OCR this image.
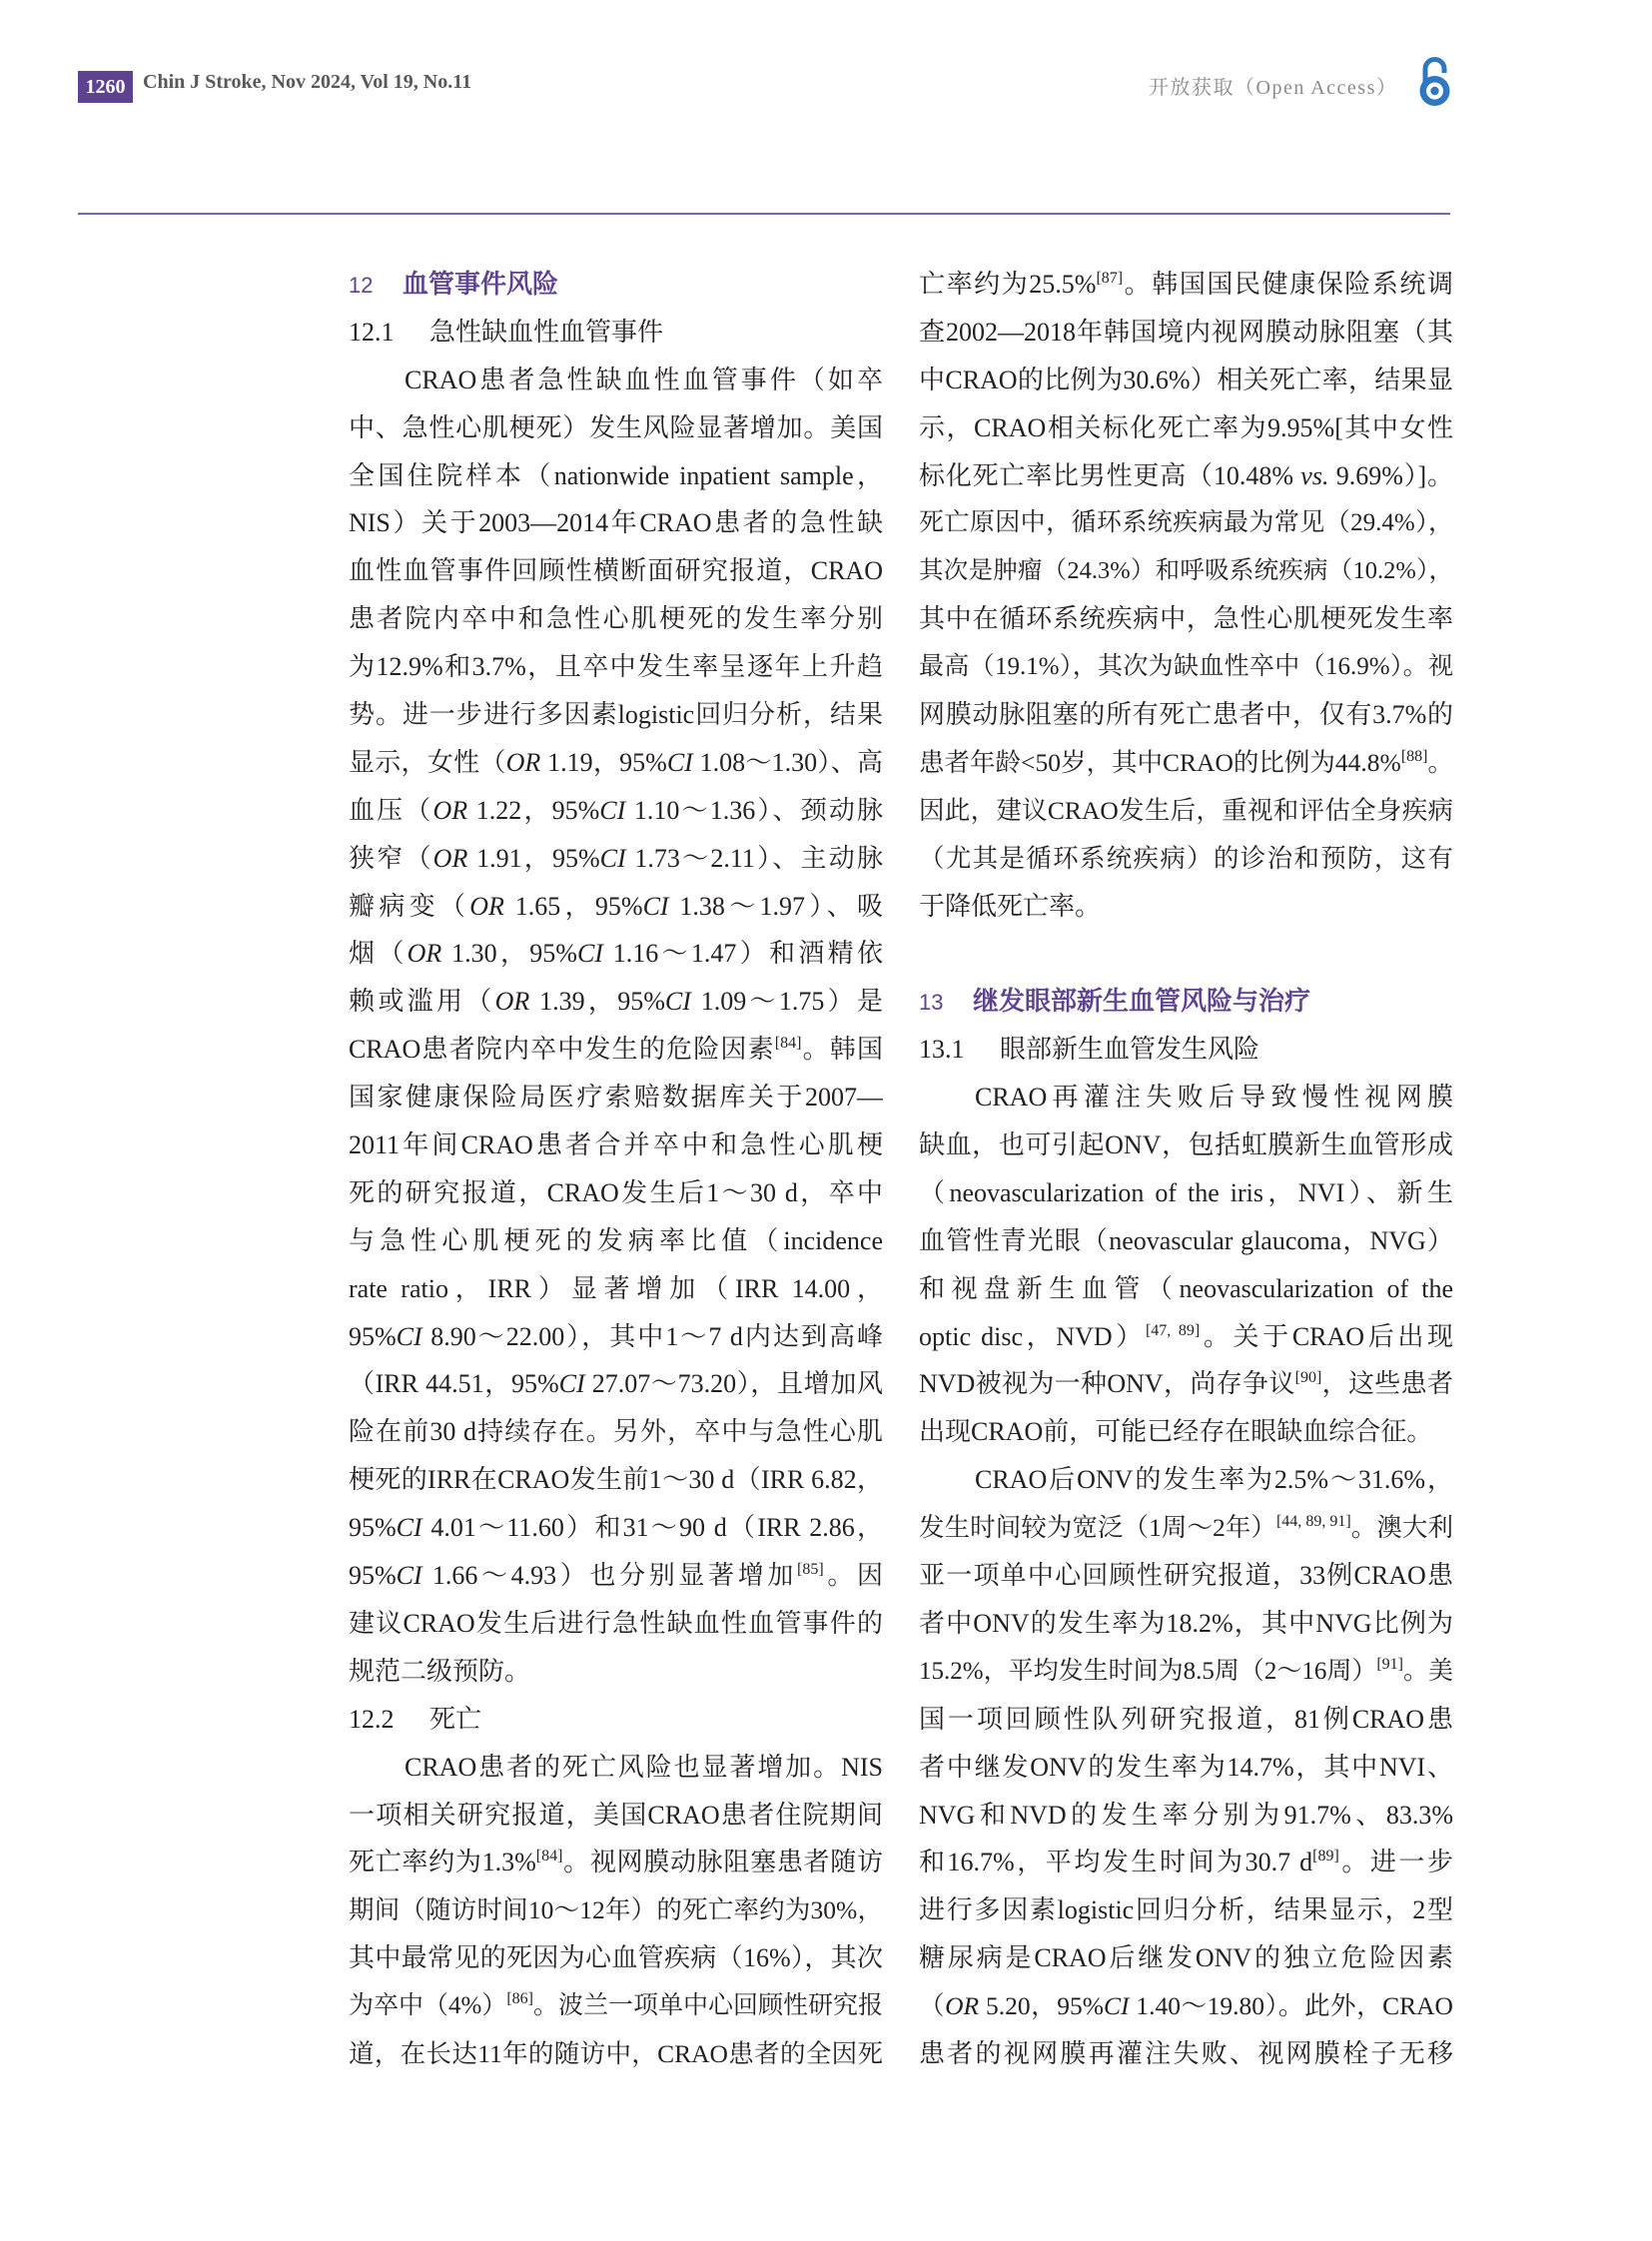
1260 Chin J Stroke, Nov 2024, Vol 19, No.11	开放获取（Open Access）
12 血管事件风险
12.1 急性缺血性血管事件
CRAO患者急性缺血性血管事件（如卒
中、急性心肌梗死）发生风险显著增加。美国
全国住院样本（nationwide inpatient sample，
NIS）关于2003—2014年CRAO患者的急性缺
血性血管事件回顾性横断面研究报道，CRAO
患者院内卒中和急性心肌梗死的发生率分别
为12.9%和3.7%，且卒中发生率呈逐年上升趋
势。进一步进行多因素logistic回归分析，结果
显示，女性（OR 1.19，95%CI 1.08～1.30）、高
血压（OR 1.22，95%CI 1.10～1.36）、颈动脉
狭窄（OR 1.91，95%CI 1.73～2.11）、主动脉
瓣病变（OR 1.65，95%CI 1.38～1.97）、吸
烟（OR 1.30，95%CI 1.16～1.47）和酒精依
赖或滥用（OR 1.39，95%CI 1.09～1.75）是
CRAO患者院内卒中发生的危险因素[84]。韩国
国家健康保险局医疗索赔数据库关于2007—
2011年间CRAO患者合并卒中和急性心肌梗
死的研究报道，CRAO发生后1～30 d，卒中
与急性心肌梗死的发病率比值（incidence
rate ratio，IRR）显著增加（IRR 14.00，
95%CI 8.90～22.00），其中1～7 d内达到高峰
（IRR 44.51，95%CI 27.07～73.20），且增加风
险在前30 d持续存在。另外，卒中与急性心肌
梗死的IRR在CRAO发生前1～30 d（IRR 6.82，
95%CI 4.01～11.60）和31～90 d（IRR 2.86，
95%CI 1.66～4.93）也分别显著增加[85]。因
建议CRAO发生后进行急性缺血性血管事件的
规范二级预防。
12.2 死亡
CRAO患者的死亡风险也显著增加。NIS
一项相关研究报道，美国CRAO患者住院期间
死亡率约为1.3%[84]。视网膜动脉阻塞患者随访
期间（随访时间10～12年）的死亡率约为30%，
其中最常见的死因为心血管疾病（16%），其次
为卒中（4%）[86]。波兰一项单中心回顾性研究报
道，在长达11年的随访中，CRAO患者的全因死
亡率约为25.5%[87]。韩国国民健康保险系统调
查2002—2018年韩国境内视网膜动脉阻塞（其
中CRAO的比例为30.6%）相关死亡率，结果显
示，CRAO相关标化死亡率为9.95%[其中女性
标化死亡率比男性更高（10.48% vs. 9.69%）]。
死亡原因中，循环系统疾病最为常见（29.4%），
其次是肿瘤（24.3%）和呼吸系统疾病（10.2%），
其中在循环系统疾病中，急性心肌梗死发生率
最高（19.1%），其次为缺血性卒中（16.9%）。视
网膜动脉阻塞的所有死亡患者中，仅有3.7%的
患者年龄<50岁，其中CRAO的比例为44.8%[88]。
因此，建议CRAO发生后，重视和评估全身疾病
（尤其是循环系统疾病）的诊治和预防，这有
于降低死亡率。
13 继发眼部新生血管风险与治疗
13.1 眼部新生血管发生风险
CRAO再灌注失败后导致慢性视网膜
缺血，也可引起ONV，包括虹膜新生血管形成
（neovascularization of the iris，NVI）、新生
血管性青光眼（neovascular glaucoma，NVG）
和视盘新生血管（neovascularization of the
optic disc，NVD）[47, 89]。关于CRAO后出现
NVD被视为一种ONV，尚存争议[90]，这些患者
出现CRAO前，可能已经存在眼缺血综合征。
CRAO后ONV的发生率为2.5%～31.6%，
发生时间较为宽泛（1周～2年）[44, 89, 91]。澳大利
亚一项单中心回顾性研究报道，33例CRAO患
者中ONV的发生率为18.2%，其中NVG比例为
15.2%，平均发生时间为8.5周（2～16周）[91]。美
国一项回顾性队列研究报道，81例CRAO患
者中继发ONV的发生率为14.7%，其中NVI、
NVG和NVD的发生率分别为91.7%、83.3%
和16.7%，平均发生时间为30.7 d[89]。进一步
进行多因素logistic回归分析，结果显示，2型
糖尿病是CRAO后继发ONV的独立危险因素
（OR 5.20，95%CI 1.40～19.80）。此外，CRAO
患者的视网膜再灌注失败、视网膜栓子无移
